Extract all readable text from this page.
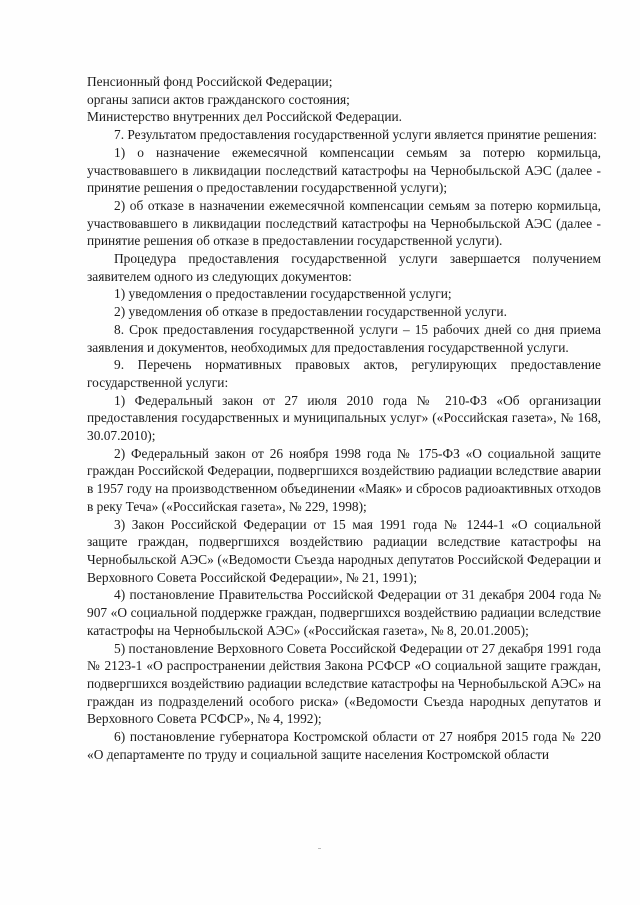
Пенсионный фонд Российской Федерации;

органы записи актов гражданского состояния;

Министерство внутренних дел Российской Федерации.

7. Результатом предоставления государственной услуги является принятие решения:

1) о назначение ежемесячной компенсации семьям за потерю кормильца, участвовавшего в ликвидации последствий катастрофы на Чернобыльской АЭС (далее - принятие решения о предоставлении государственной услуги);

2) об отказе в назначении ежемесячной компенсации семьям за потерю кормильца, участвовавшего в ликвидации последствий катастрофы на Чернобыльской АЭС (далее - принятие решения об отказе в предоставлении государственной услуги).

Процедура предоставления государственной услуги завершается получением заявителем одного из следующих документов:

1) уведомления о предоставлении государственной услуги;

2) уведомления об отказе в предоставлении государственной услуги.

8. Срок предоставления государственной услуги – 15 рабочих дней со дня приема заявления и документов, необходимых для предоставления государственной услуги.

9. Перечень нормативных правовых актов, регулирующих предоставление государственной услуги:

1) Федеральный закон от 27 июля 2010 года № 210-ФЗ «Об организации предоставления государственных и муниципальных услуг» («Российская газета», № 168, 30.07.2010);

2) Федеральный закон от 26 ноября 1998 года № 175-ФЗ «О социальной защите граждан Российской Федерации, подвергшихся воздействию радиации вследствие аварии в 1957 году на производственном объединении «Маяк» и сбросов радиоактивных отходов в реку Теча» («Российская газета», № 229, 1998);

3) Закон Российской Федерации от 15 мая 1991 года № 1244-1 «О социальной защите граждан, подвергшихся воздействию радиации вследствие катастрофы на Чернобыльской АЭС» («Ведомости Съезда народных депутатов Российской Федерации и Верховного Совета Российской Федерации», № 21, 1991);

4) постановление Правительства Российской Федерации от 31 декабря 2004 года № 907 «О социальной поддержке граждан, подвергшихся воздействию радиации вследствие катастрофы на Чернобыльской АЭС» («Российская газета», № 8, 20.01.2005);

5) постановление Верховного Совета Российской Федерации от 27 декабря 1991 года № 2123-1 «О распространении действия Закона РСФСР «О социальной защите граждан, подвергшихся воздействию радиации вследствие катастрофы на Чернобыльской АЭС» на граждан из подразделений особого риска» («Ведомости Съезда народных депутатов и Верховного Совета РСФСР», № 4, 1992);

6) постановление губернатора Костромской области от 27 ноября 2015 года № 220 «О департаменте по труду и социальной защите населения Костромской области
